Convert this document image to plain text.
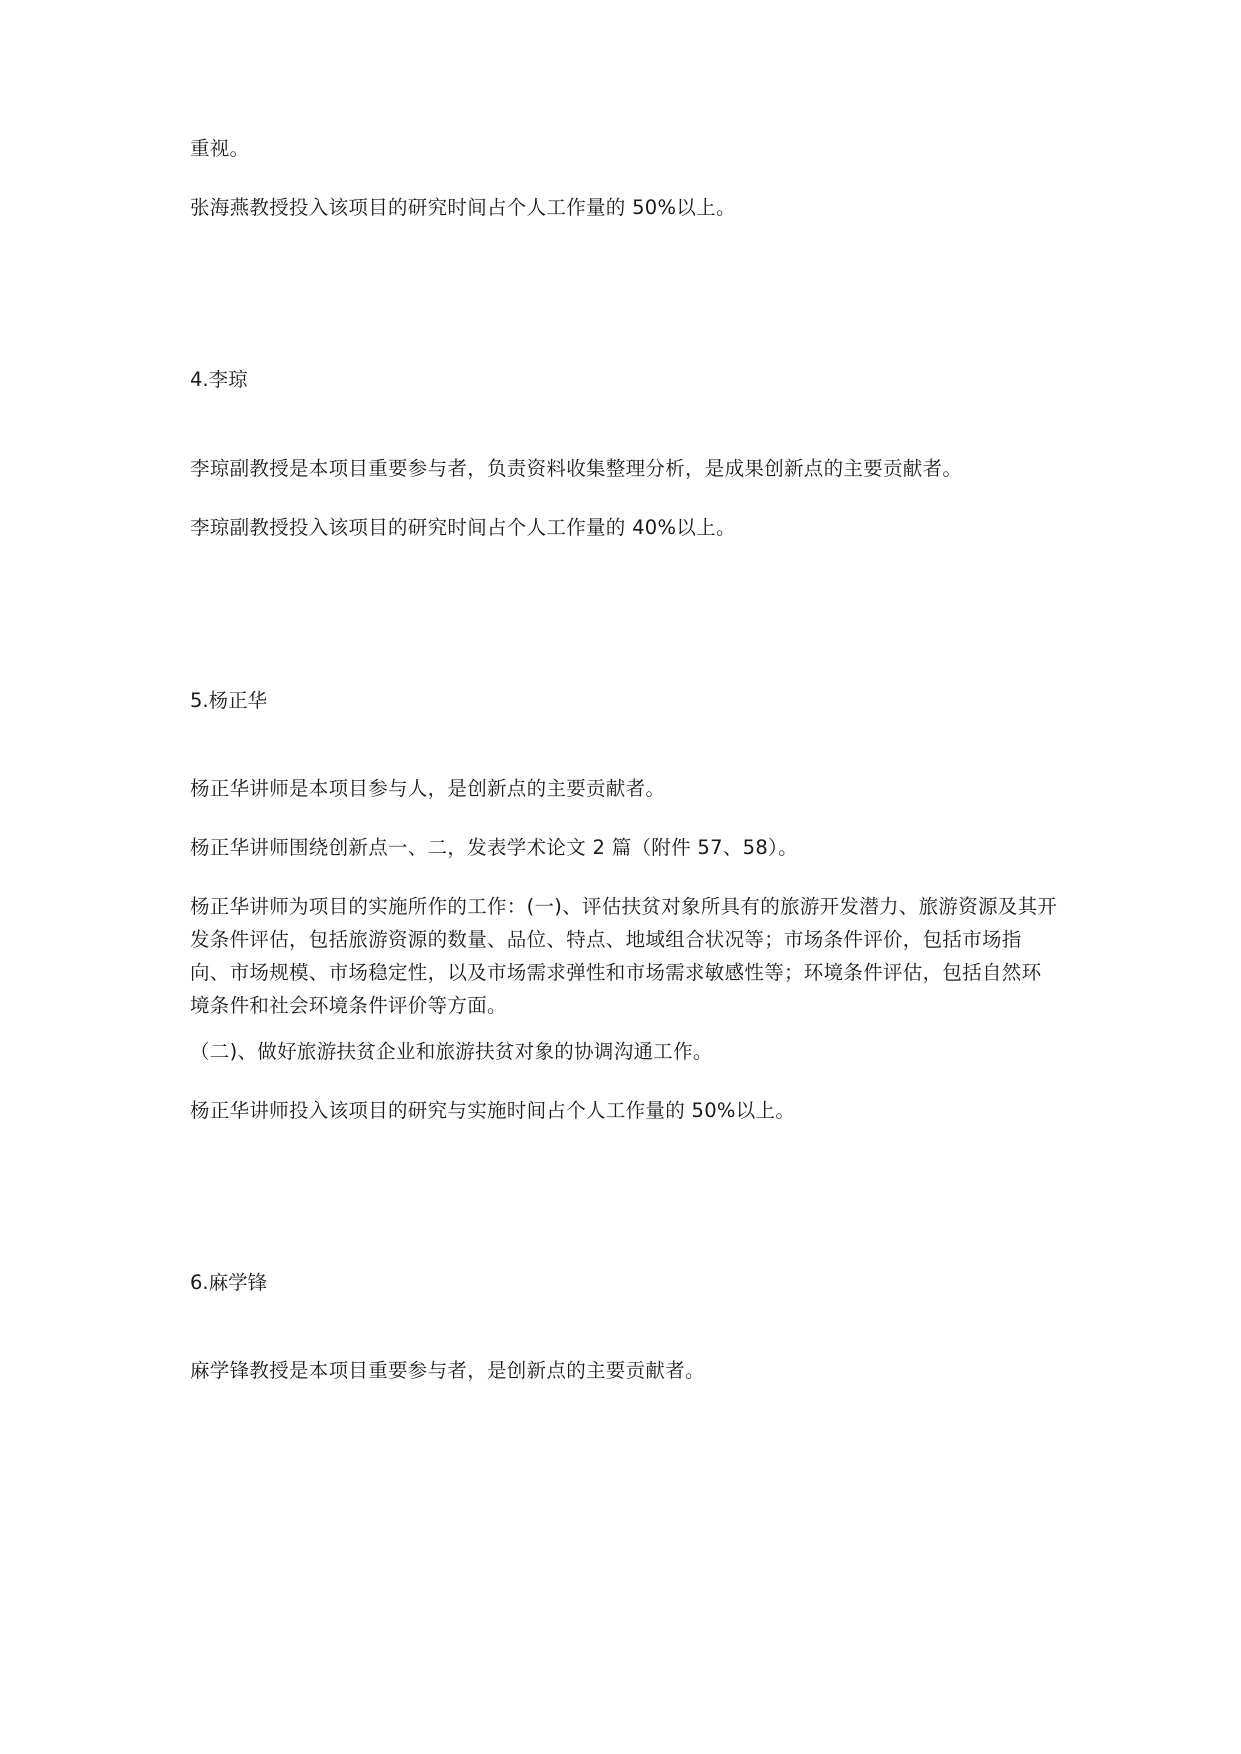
重视。

张海燕教授投入该项目的研究时间占个人工作量的 50%以上。

4.李琼

李琼副教授是本项目重要参与者，负责资料收集整理分析，是成果创新点的主要贡献者。

李琼副教授投入该项目的研究时间占个人工作量的 40%以上。

5.杨正华

杨正华讲师是本项目参与人，是创新点的主要贡献者。

杨正华讲师围绕创新点一、二，发表学术论文 2 篇（附件 57、58）。

杨正华讲师为项目的实施所作的工作：(一)、评估扶贫对象所具有的旅游开发潜力、旅游资源及其开发条件评估，包括旅游资源的数量、品位、特点、地域组合状况等；市场条件评价，包括市场指向、市场规模、市场稳定性，以及市场需求弹性和市场需求敏感性等；环境条件评估，包括自然环境条件和社会环境条件评价等方面。

（二)、做好旅游扶贫企业和旅游扶贫对象的协调沟通工作。

杨正华讲师投入该项目的研究与实施时间占个人工作量的 50%以上。

6.麻学锋

麻学锋教授是本项目重要参与者，是创新点的主要贡献者。
